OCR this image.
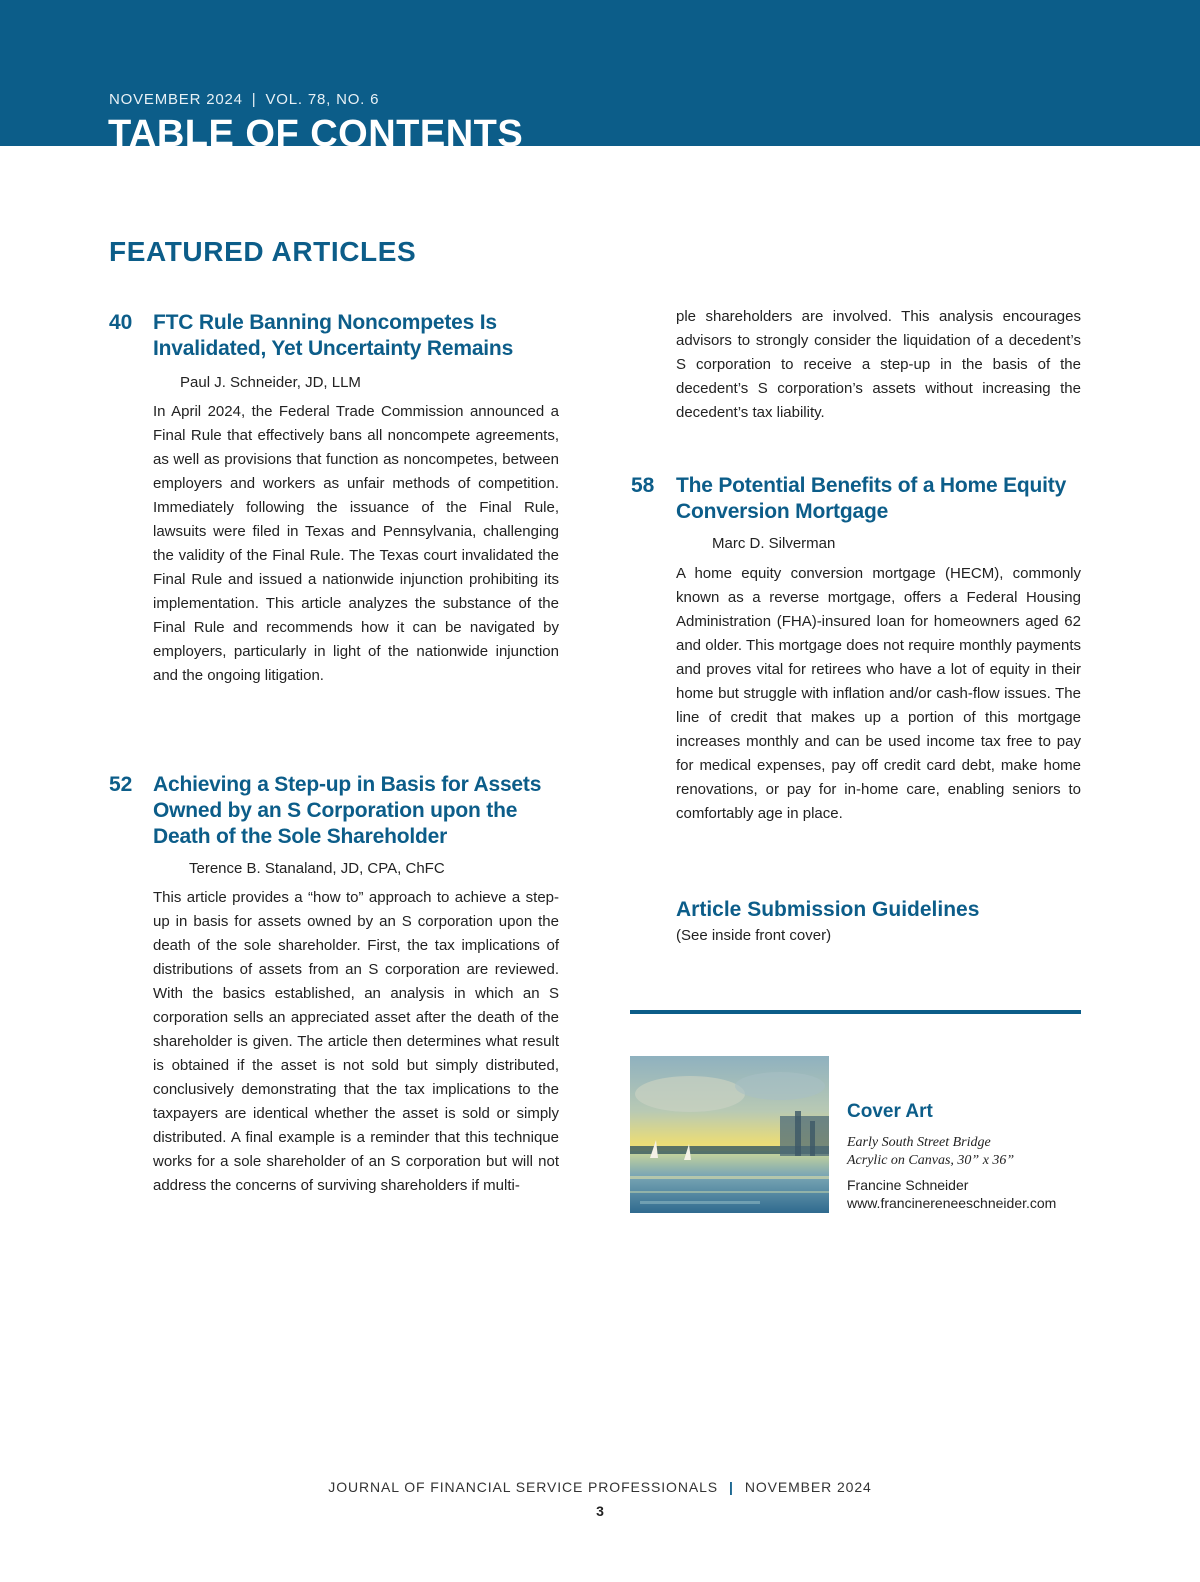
NOVEMBER 2024 | VOL. 78, NO. 6
TABLE OF CONTENTS
FEATURED ARTICLES
40 FTC Rule Banning Noncompetes Is Invalidated, Yet Uncertainty Remains
Paul J. Schneider, JD, LLM
In April 2024, the Federal Trade Commission announced a Final Rule that effectively bans all noncompete agreements, as well as provisions that function as noncompetes, between employers and workers as unfair methods of competition. Immediately following the issuance of the Final Rule, lawsuits were filed in Texas and Pennsylvania, challenging the validity of the Final Rule. The Texas court invalidated the Final Rule and issued a nationwide injunction prohibiting its implementation. This article analyzes the substance of the Final Rule and recommends how it can be navigated by employers, particularly in light of the nationwide injunction and the ongoing litigation.
52 Achieving a Step-up in Basis for Assets Owned by an S Corporation upon the Death of the Sole Shareholder
Terence B. Stanaland, JD, CPA, ChFC
This article provides a “how to” approach to achieve a step-up in basis for assets owned by an S corporation upon the death of the sole shareholder. First, the tax implications of distributions of assets from an S corporation are reviewed. With the basics established, an analysis in which an S corporation sells an appreciated asset after the death of the shareholder is given. The article then determines what result is obtained if the asset is not sold but simply distributed, conclusively demonstrating that the tax implications to the taxpayers are identical whether the asset is sold or simply distributed. A final example is a reminder that this technique works for a sole shareholder of an S corporation but will not address the concerns of surviving shareholders if multi-
ple shareholders are involved. This analysis encourages advisors to strongly consider the liquidation of a decedent’s S corporation to receive a step-up in the basis of the decedent’s S corporation’s assets without increasing the decedent’s tax liability.
58 The Potential Benefits of a Home Equity Conversion Mortgage
Marc D. Silverman
A home equity conversion mortgage (HECM), commonly known as a reverse mortgage, offers a Federal Housing Administration (FHA)-insured loan for homeowners aged 62 and older. This mortgage does not require monthly payments and proves vital for retirees who have a lot of equity in their home but struggle with inflation and/or cash-flow issues. The line of credit that makes up a portion of this mortgage increases monthly and can be used income tax free to pay for medical expenses, pay off credit card debt, make home renovations, or pay for in-home care, enabling seniors to comfortably age in place.
Article Submission Guidelines
(See inside front cover)
Cover Art
Early South Street Bridge
Acrylic on Canvas, 30” x 36”
Francine Schneider
www.francinereneeschneider.com
JOURNAL OF FINANCIAL SERVICE PROFESSIONALS | NOVEMBER 2024
3
